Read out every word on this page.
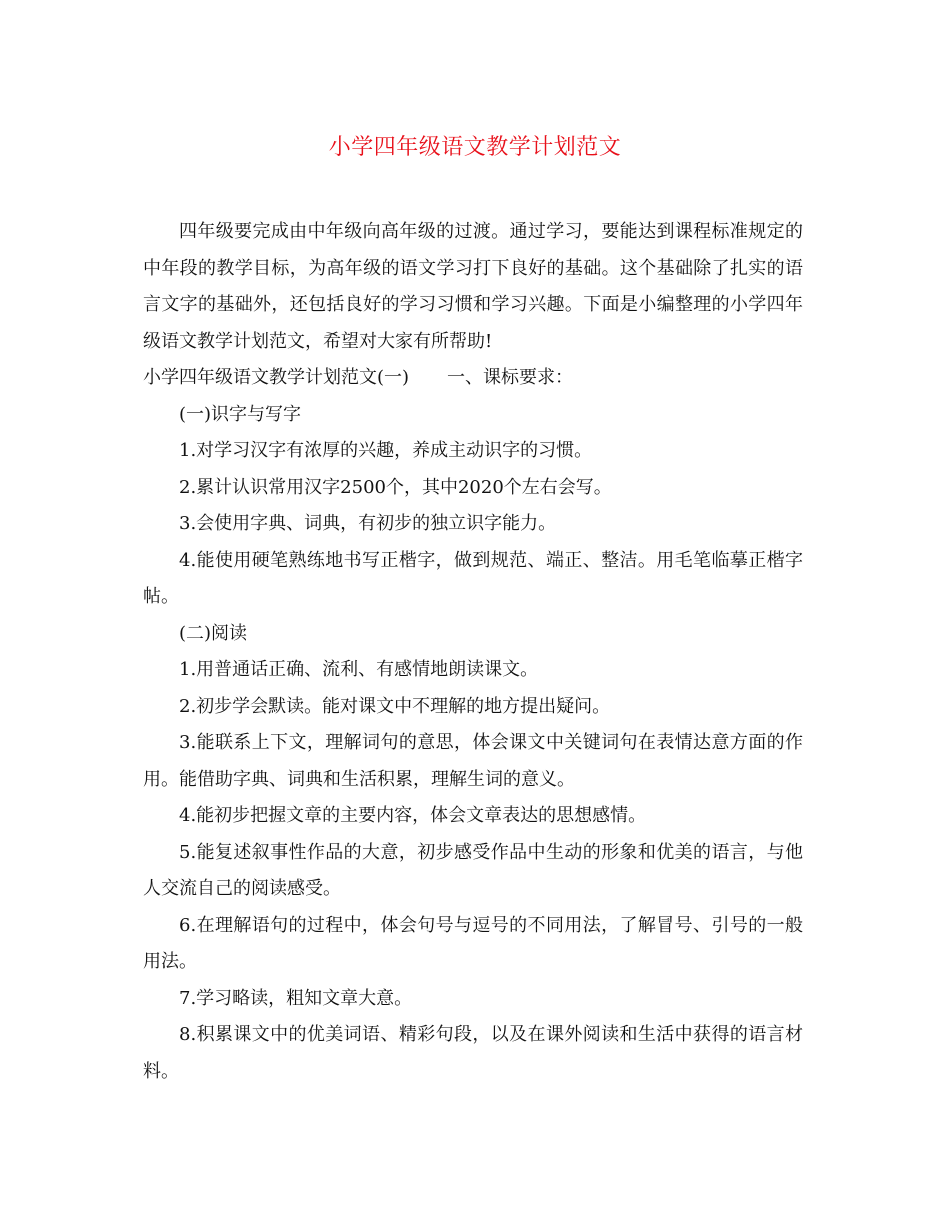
小学四年级语文教学计划范文

四年级要完成由中年级向高年级的过渡。通过学习，要能达到课程标准规定的中年段的教学目标，为高年级的语文学习打下良好的基础。这个基础除了扎实的语言文字的基础外，还包括良好的学习习惯和学习兴趣。下面是小编整理的小学四年级语文教学计划范文，希望对大家有所帮助!

小学四年级语文教学计划范文(一) 一、课标要求：

(一)识字与写字

1.对学习汉字有浓厚的兴趣，养成主动识字的习惯。

2.累计认识常用汉字2500个，其中2020个左右会写。

3.会使用字典、词典，有初步的独立识字能力。

4.能使用硬笔熟练地书写正楷字，做到规范、端正、整洁。用毛笔临摹正楷字帖。

(二)阅读

1.用普通话正确、流利、有感情地朗读课文。

2.初步学会默读。能对课文中不理解的地方提出疑问。

3.能联系上下文，理解词句的意思，体会课文中关键词句在表情达意方面的作用。能借助字典、词典和生活积累，理解生词的意义。

4.能初步把握文章的主要内容，体会文章表达的思想感情。

5.能复述叙事性作品的大意，初步感受作品中生动的形象和优美的语言，与他人交流自己的阅读感受。

6.在理解语句的过程中，体会句号与逗号的不同用法，了解冒号、引号的一般用法。

7.学习略读，粗知文章大意。

8.积累课文中的优美词语、精彩句段，以及在课外阅读和生活中获得的语言材料。
